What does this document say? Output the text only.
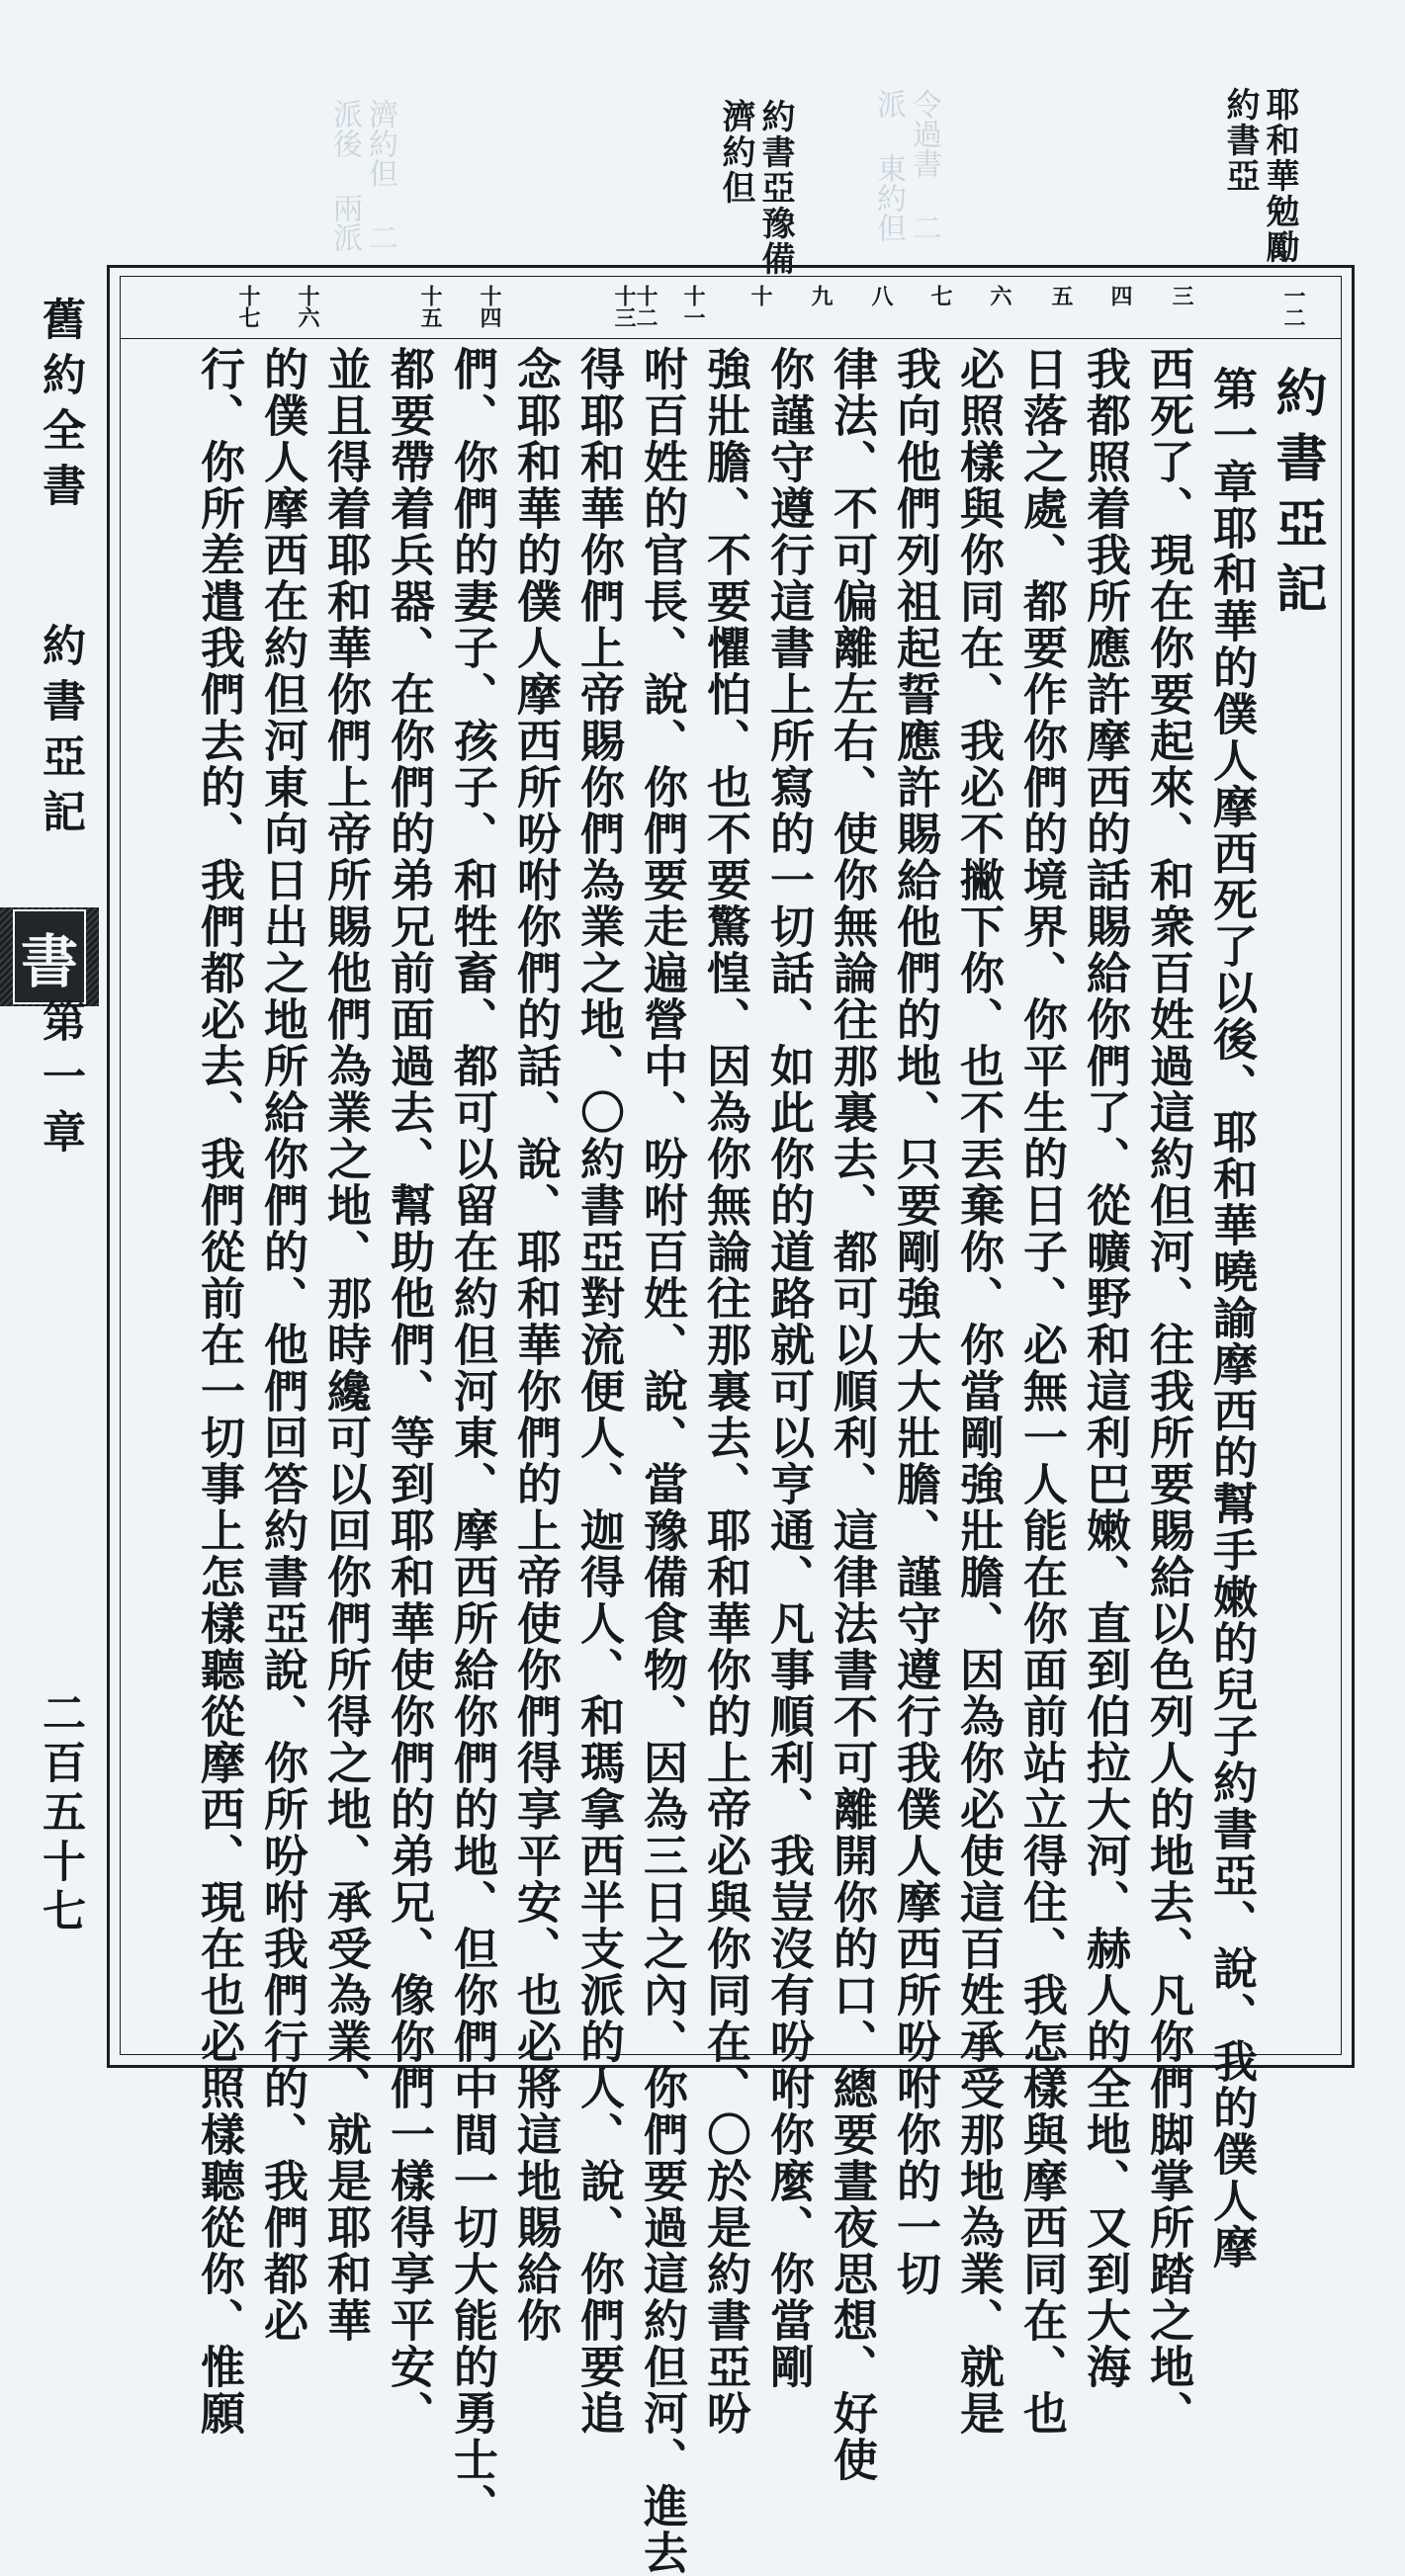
耶和華勉勵 約書亞
約書亞豫備 濟約但
濟約但 二派後 兩派
令過書 二派 東約但
書
舊約全書
約書亞記
第一章
二百五十七
一二
三
四
五
六
七
八
九
十
十一
十二十三
十四
十五
十六
十七
約書亞記
第一章耶和華的僕人摩西死了以後、耶和華曉諭摩西的幫手嫩的兒子約書亞、說、我的僕人摩
西死了、現在你要起來、和衆百姓過這約但河、往我所要賜給以色列人的地去、凡你們脚掌所踏之地、
我都照着我所應許摩西的話賜給你們了、從曠野和這利巴嫩、直到伯拉大河、赫人的全地、又到大海
日落之處、都要作你們的境界、你平生的日子、必無一人能在你面前站立得住、我怎樣與摩西同在、也
必照樣與你同在、我必不撇下你、也不丟棄你、你當剛強壯膽、因為你必使這百姓承受那地為業、就是
我向他們列祖起誓應許賜給他們的地、只要剛強大大壯膽、謹守遵行我僕人摩西所吩咐你的一切
律法、不可偏離左右、使你無論往那裏去、都可以順利、這律法書不可離開你的口、總要晝夜思想、好使
你謹守遵行這書上所寫的一切話、如此你的道路就可以亨通、凡事順利、我豈沒有吩咐你麼、你當剛
強壯膽、不要懼怕、也不要驚惶、因為你無論往那裏去、耶和華你的上帝必與你同在、〇於是約書亞吩
咐百姓的官長、說、你們要走遍營中、吩咐百姓、說、當豫備食物、因為三日之內、你們要過這約但河、進去
得耶和華你們上帝賜你們為業之地、〇約書亞對流便人、迦得人、和瑪拿西半支派的人、說、你們要追
念耶和華的僕人摩西所吩咐你們的話、說、耶和華你們的上帝使你們得享平安、也必將這地賜給你
們、你們的妻子、孩子、和牲畜、都可以留在約但河東、摩西所給你們的地、但你們中間一切大能的勇士、
都要帶着兵器、在你們的弟兄前面過去、幫助他們、等到耶和華使你們的弟兄、像你們一樣得享平安、
並且得着耶和華你們上帝所賜他們為業之地、那時纔可以回你們所得之地、承受為業、就是耶和華
的僕人摩西在約但河東向日出之地所給你們的、他們回答約書亞說、你所吩咐我們行的、我們都必
行、你所差遣我們去的、我們都必去、我們從前在一切事上怎樣聽從摩西、現在也必照樣聽從你、惟願
